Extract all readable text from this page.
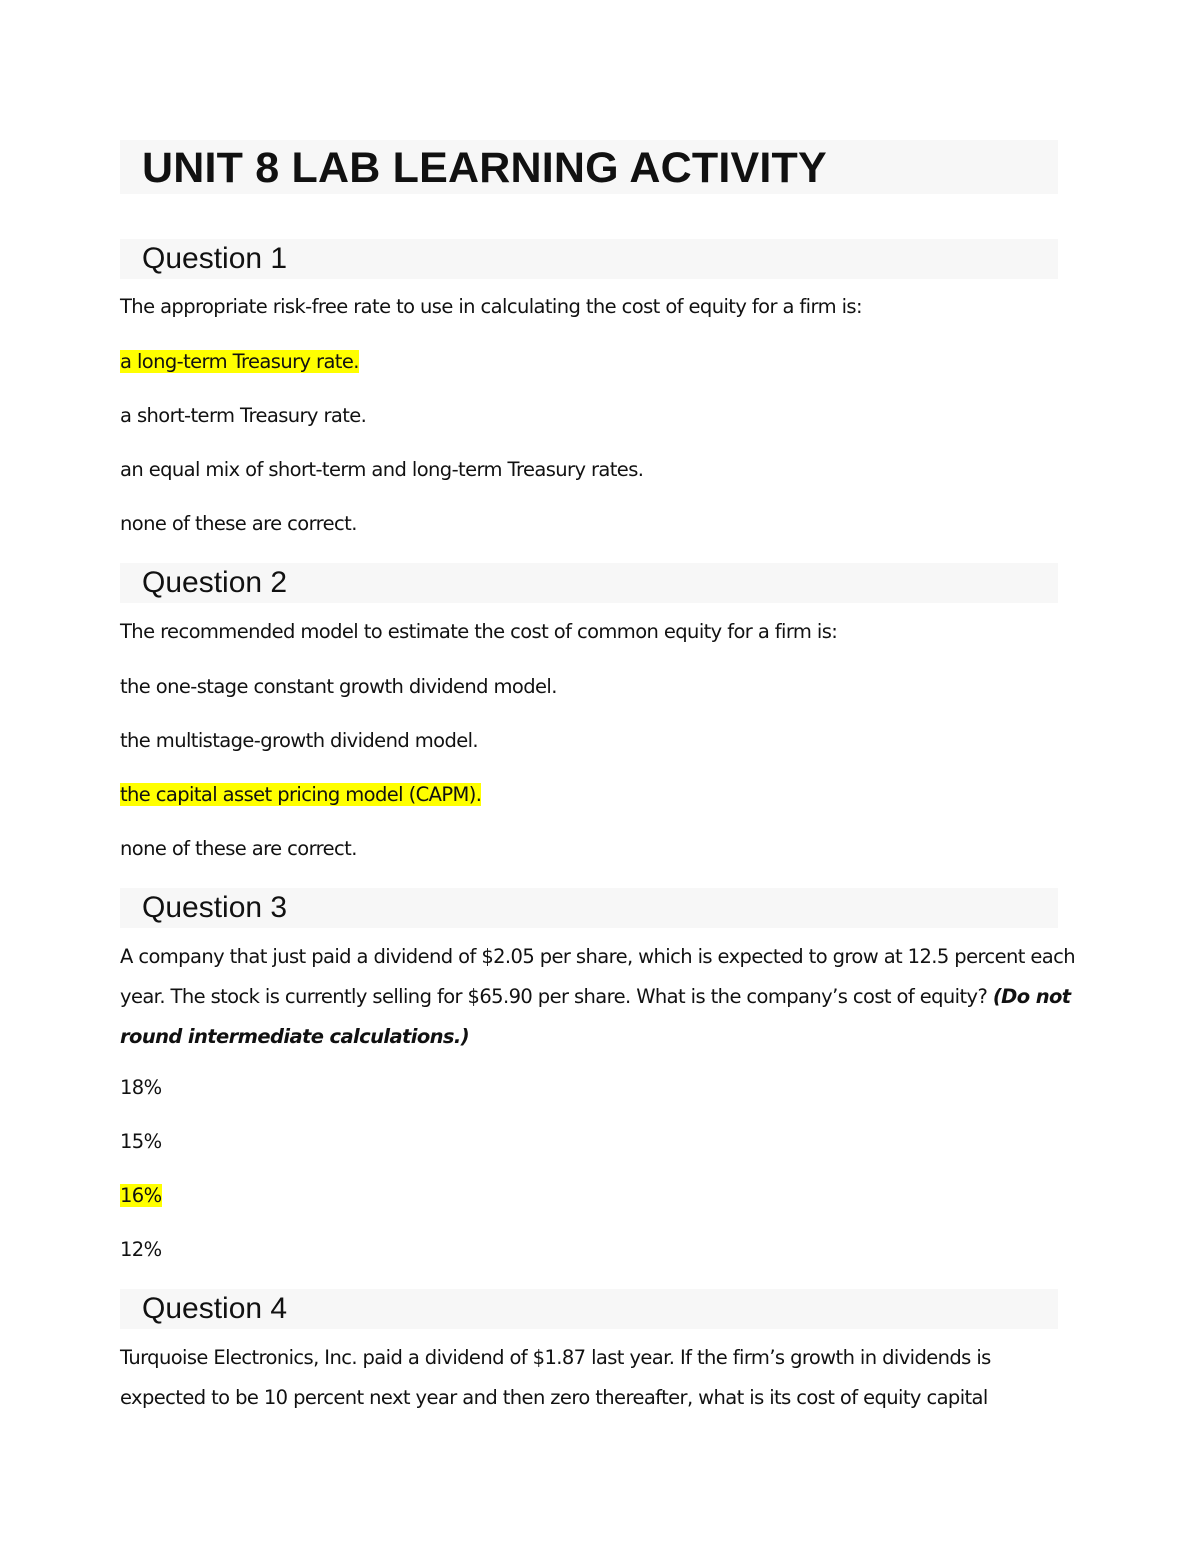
UNIT 8 LAB LEARNING ACTIVITY
Question 1

The appropriate risk-free rate to use in calculating the cost of equity for a firm is:

a long-term Treasury rate.

a short-term Treasury rate.

an equal mix of short-term and long-term Treasury rates.

none of these are correct.

Question 2

The recommended model to estimate the cost of common equity for a firm is:

the one-stage constant growth dividend model.

the multistage-growth dividend model.

the capital asset pricing model (CAPM).

none of these are correct.

Question 3

A company that just paid a dividend of $2.05 per share, which is expected to grow at 12.5 percent each year. The stock is currently selling for $65.90 per share. What is the company’s cost of equity? (Do not round intermediate calculations.)

18%

15%

16%

12%

Question 4

Turquoise Electronics, Inc. paid a dividend of $1.87 last year. If the firm’s growth in dividends is expected to be 10 percent next year and then zero thereafter, what is its cost of equity capital
